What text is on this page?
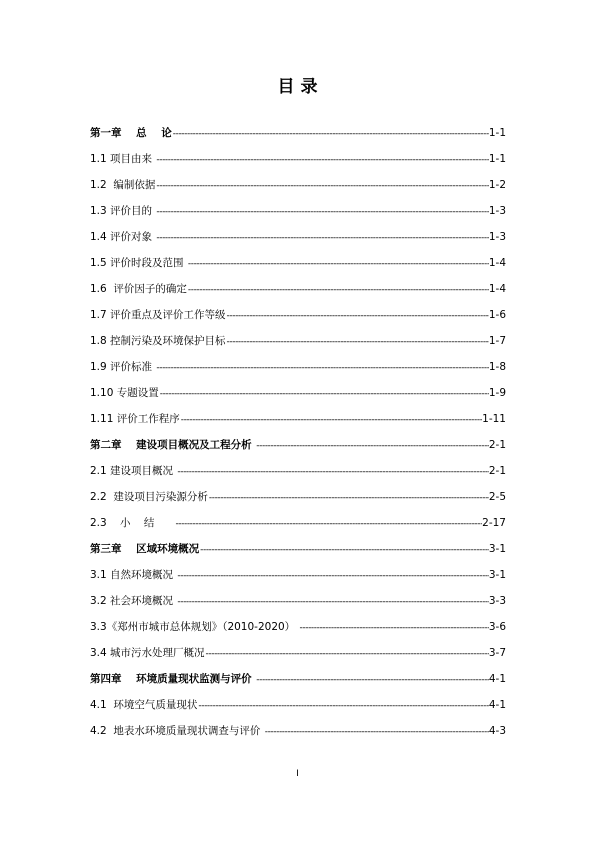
目 录
第一章    总    论 -----	1-1
1.1 项目由来 -----	1-1
1.2  编制依据 -----	1-2
1.3 评价目的 -----	1-3
1.4 评价对象 -----	1-3
1.5 评价时段及范围 -----	1-4
1.6  评价因子的确定 -----	1-4
1.7 评价重点及评价工作等级 -----	1-6
1.8 控制污染及环境保护目标 -----	1-7
1.9 评价标准 -----	1-8
1.10 专题设置 -----	1-9
1.11 评价工作程序 -----	1-11
第二章    建设项目概况及工程分析 -----	2-1
2.1 建设项目概况 -----	2-1
2.2  建设项目污染源分析 -----	2-5
2.3    小    结 -----	2-17
第三章    区域环境概况 -----	3-1
3.1 自然环境概况 -----	3-1
3.2 社会环境概况 -----	3-3
3.3《郑州市城市总体规划》（2010-2020） -----	3-6
3.4 城市污水处理厂概况 -----	3-7
第四章    环境质量现状监测与评价 -----	4-1
4.1  环境空气质量现状 -----	4-1
4.2  地表水环境质量现状调查与评价 -----	4-3
I
